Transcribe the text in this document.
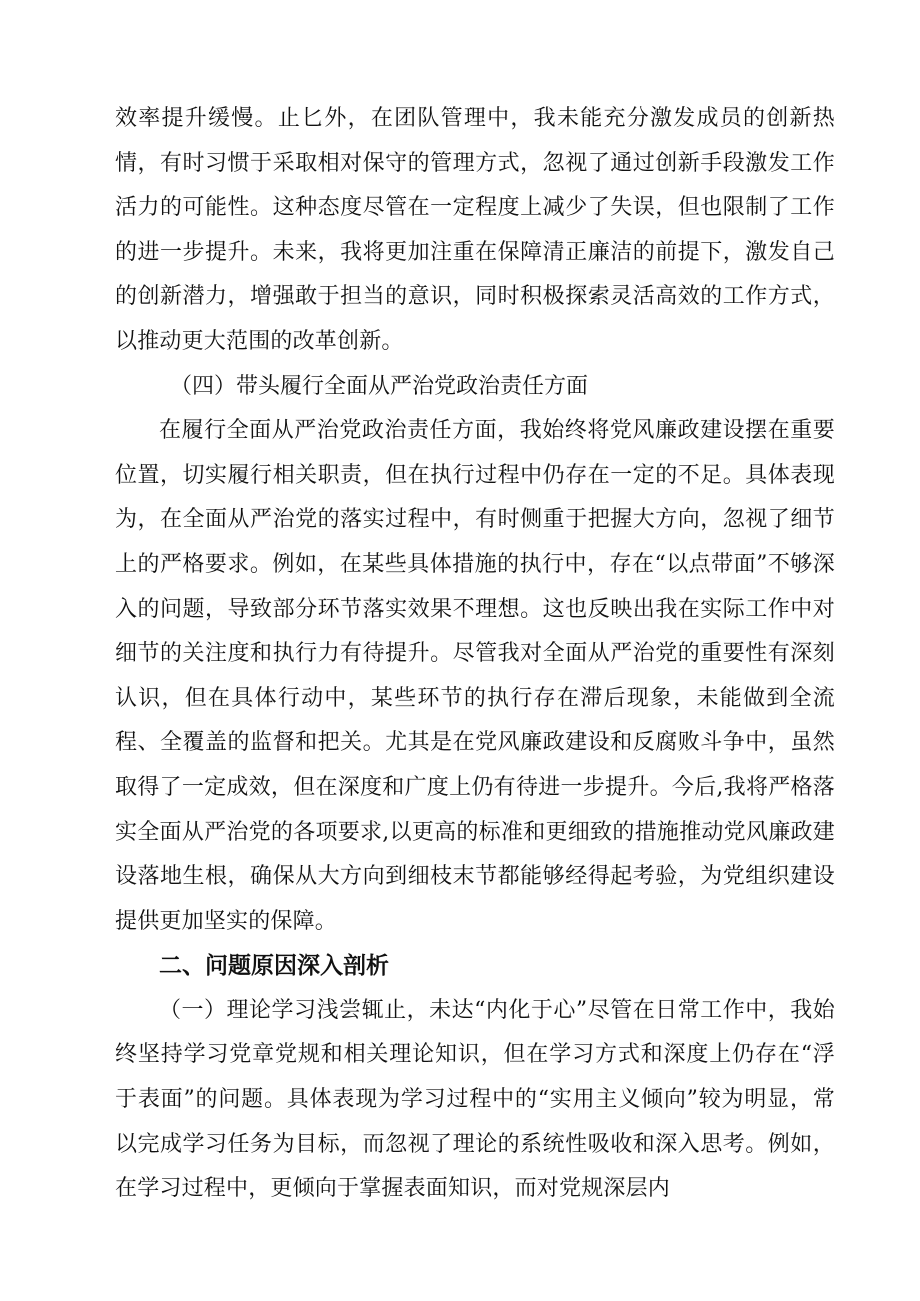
效率提升缓慢。止匕外，在团队管理中，我未能充分激发成员的创新热情，有时习惯于采取相对保守的管理方式，忽视了通过创新手段激发工作活力的可能性。这种态度尽管在一定程度上减少了失误，但也限制了工作的进一步提升。未来，我将更加注重在保障清正廉洁的前提下，激发自己的创新潜力，增强敢于担当的意识，同时积极探索灵活高效的工作方式，以推动更大范围的改革创新。

（四）带头履行全面从严治党政治责任方面

在履行全面从严治党政治责任方面，我始终将党风廉政建设摆在重要位置，切实履行相关职责，但在执行过程中仍存在一定的不足。具体表现为，在全面从严治党的落实过程中，有时侧重于把握大方向，忽视了细节上的严格要求。例如，在某些具体措施的执行中，存在“以点带面”不够深入的问题，导致部分环节落实效果不理想。这也反映出我在实际工作中对细节的关注度和执行力有待提升。尽管我对全面从严治党的重要性有深刻认识，但在具体行动中，某些环节的执行存在滞后现象，未能做到全流程、全覆盖的监督和把关。尤其是在党风廉政建设和反腐败斗争中，虽然取得了一定成效，但在深度和广度上仍有待进一步提升。今后,我将严格落实全面从严治党的各项要求,以更高的标准和更细致的措施推动党风廉政建设落地生根，确保从大方向到细枝末节都能够经得起考验，为党组织建设提供更加坚实的保障。

二、问题原因深入剖析

（一）理论学习浅尝辄止，未达“内化于心”尽管在日常工作中，我始终坚持学习党章党规和相关理论知识，但在学习方式和深度上仍存在“浮于表面”的问题。具体表现为学习过程中的“实用主义倾向”较为明显，常以完成学习任务为目标，而忽视了理论的系统性吸收和深入思考。例如，在学习过程中，更倾向于掌握表面知识，而对党规深层内
